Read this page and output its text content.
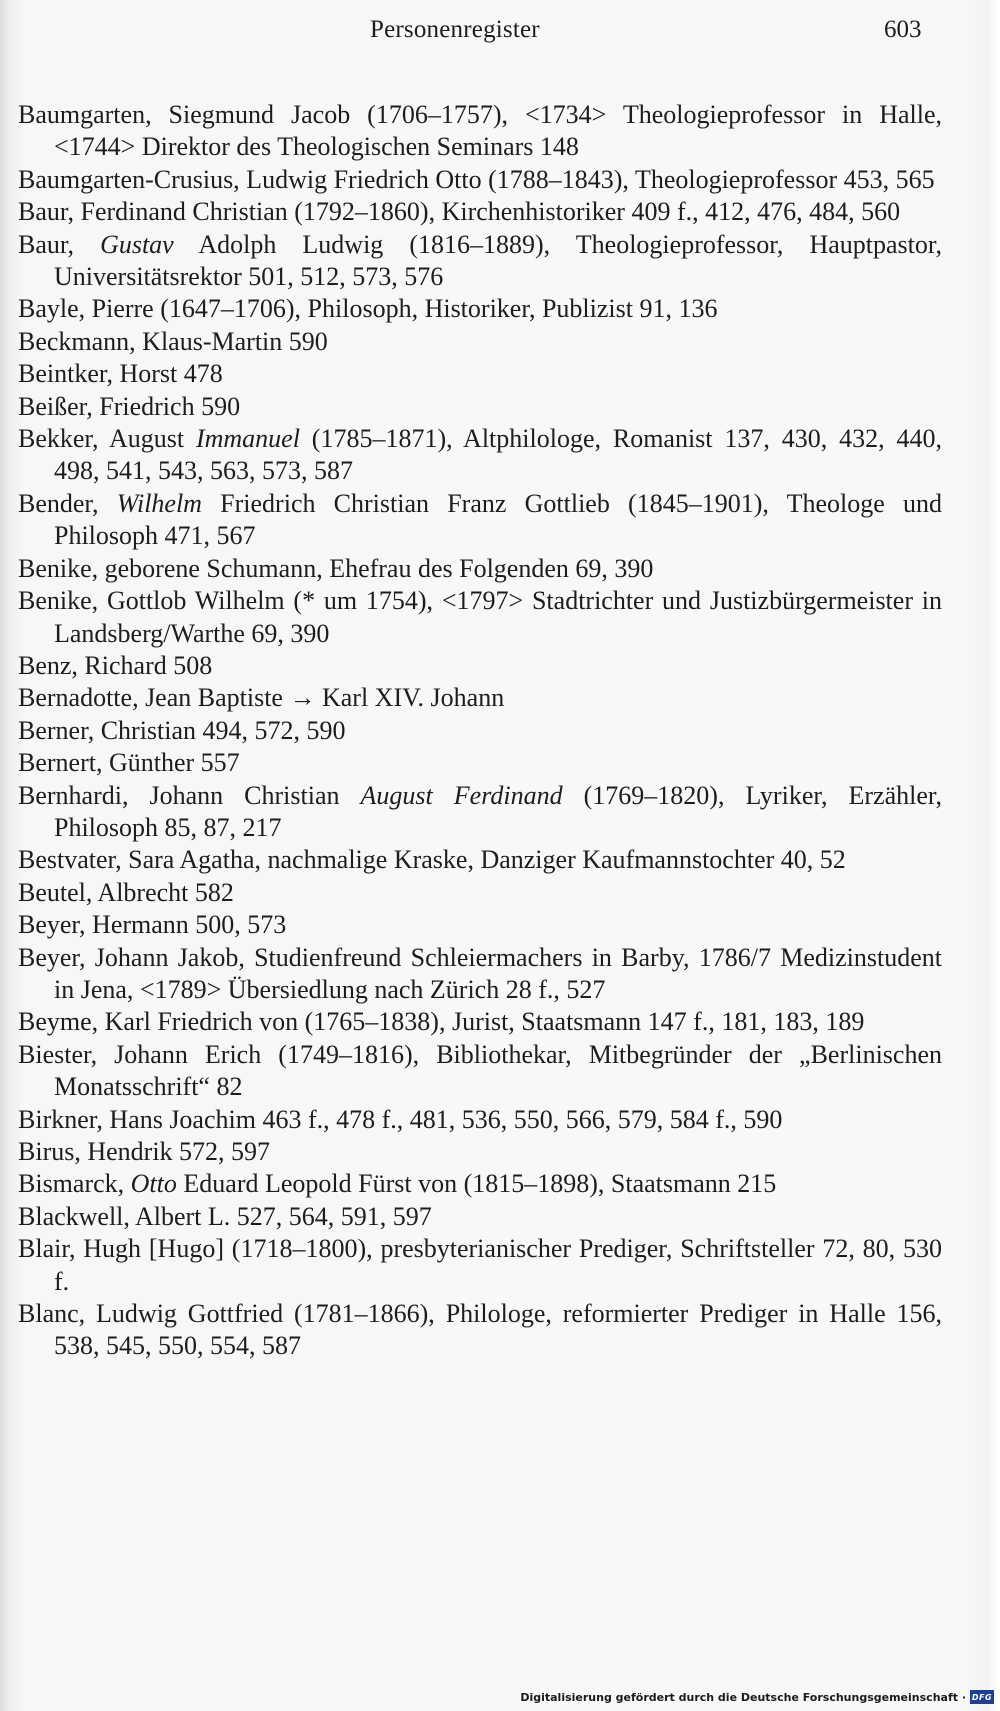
Personenregister	603

Baumgarten, Siegmund Jacob (1706–1757), <1734> Theologieprofessor in Halle, <1744> Direktor des Theologischen Seminars 148

Baumgarten-Crusius, Ludwig Friedrich Otto (1788–1843), Theologieprofessor 453, 565

Baur, Ferdinand Christian (1792–1860), Kirchenhistoriker 409 f., 412, 476, 484, 560

Baur, Gustav Adolph Ludwig (1816–1889), Theologieprofessor, Hauptpastor, Universitätsrektor 501, 512, 573, 576

Bayle, Pierre (1647–1706), Philosoph, Historiker, Publizist 91, 136

Beckmann, Klaus-Martin 590

Beintker, Horst 478

Beißer, Friedrich 590

Bekker, August Immanuel (1785–1871), Altphilologe, Romanist 137, 430, 432, 440, 498, 541, 543, 563, 573, 587

Bender, Wilhelm Friedrich Christian Franz Gottlieb (1845–1901), Theologe und Philosoph 471, 567

Benike, geborene Schumann, Ehefrau des Folgenden 69, 390

Benike, Gottlob Wilhelm (* um 1754), <1797> Stadtrichter und Justizbürgermeister in Landsberg/Warthe 69, 390

Benz, Richard 508

Bernadotte, Jean Baptiste → Karl XIV. Johann

Berner, Christian 494, 572, 590

Bernert, Günther 557

Bernhardi, Johann Christian August Ferdinand (1769–1820), Lyriker, Erzähler, Philosoph 85, 87, 217

Bestvater, Sara Agatha, nachmalige Kraske, Danziger Kaufmannstochter 40, 52

Beutel, Albrecht 582

Beyer, Hermann 500, 573

Beyer, Johann Jakob, Studienfreund Schleiermachers in Barby, 1786/7 Medizinstudent in Jena, <1789> Übersiedlung nach Zürich 28 f., 527

Beyme, Karl Friedrich von (1765–1838), Jurist, Staatsmann 147 f., 181, 183, 189

Biester, Johann Erich (1749–1816), Bibliothekar, Mitbegründer der „Berlinischen Monatsschrift“ 82

Birkner, Hans Joachim 463 f., 478 f., 481, 536, 550, 566, 579, 584 f., 590

Birus, Hendrik 572, 597

Bismarck, Otto Eduard Leopold Fürst von (1815–1898), Staatsmann 215

Blackwell, Albert L. 527, 564, 591, 597

Blair, Hugh [Hugo] (1718–1800), presbyterianischer Prediger, Schriftsteller 72, 80, 530 f.

Blanc, Ludwig Gottfried (1781–1866), Philologe, reformierter Prediger in Halle 156, 538, 545, 550, 554, 587

Digitalisierung gefördert durch die Deutsche Forschungsgemeinschaft · DFG
